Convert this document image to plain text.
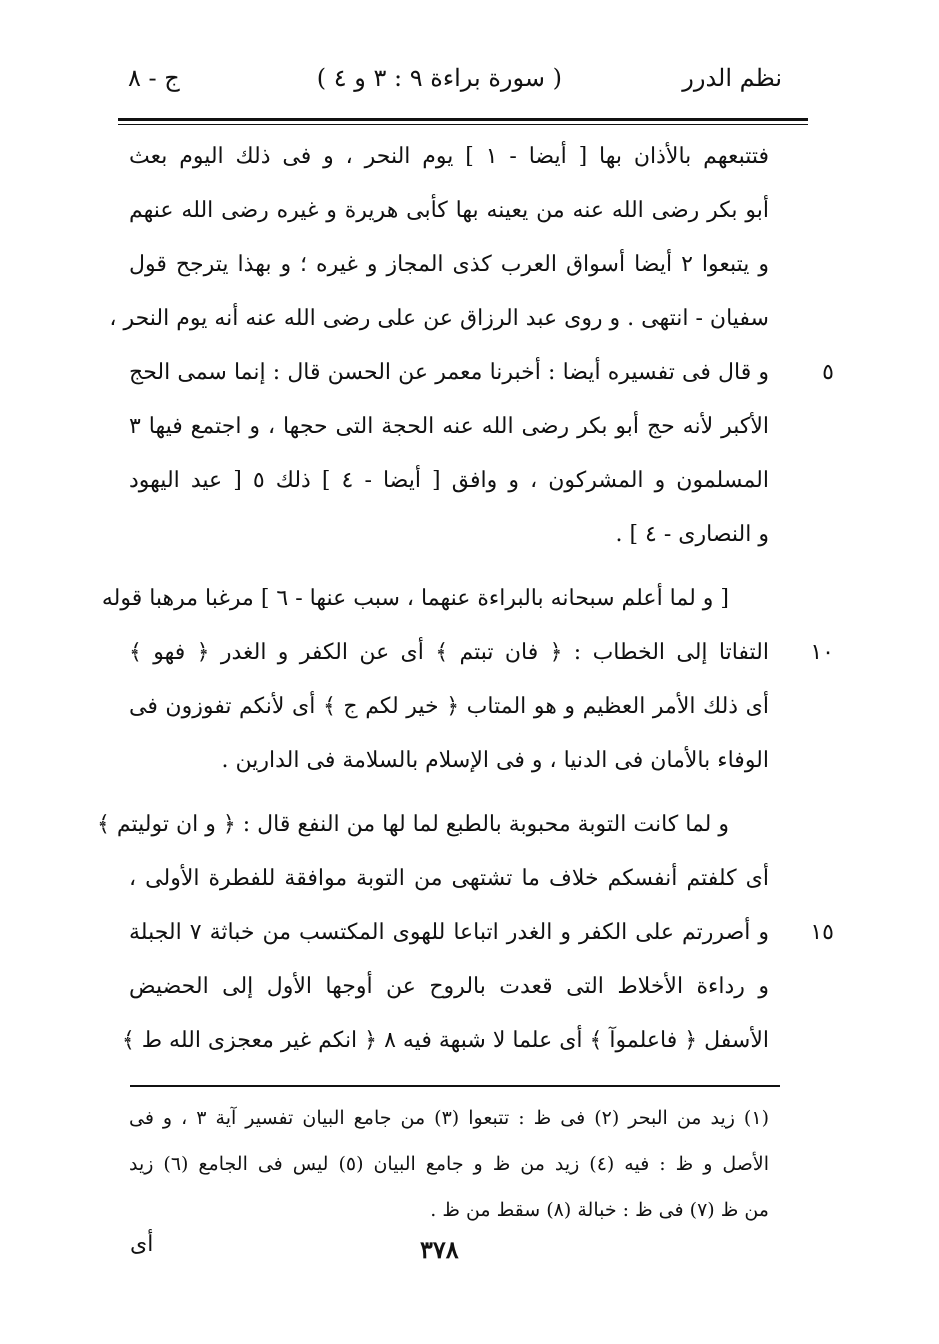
نظم الدرر
( سورة براءة ٩ : ٣ و ٤ )
ج - ٨
فتتبعهم بالأذان بها [ أيضا - ١ ] يوم النحر ، و فى ذلك اليوم بعث
أبو بكر رضى الله عنه من يعينه بها كأبى هريرة و غيره رضى الله عنهم
و يتبعوا ٢ أيضا أسواق العرب كذى المجاز و غيره ؛ و بهذا يترجح قول
سفيان - انتهى . و روى عبد الرزاق عن على رضى الله عنه أنه يوم النحر ،
٥
و قال فى تفسيره أيضا : أخبرنا معمر عن الحسن قال : إنما سمى الحج
الأكبر لأنه حج أبو بكر رضى الله عنه الحجة التى حجها ، و اجتمع فيها ٣
المسلمون و المشركون ، و وافق [ أيضا - ٤ ] ذلك ٥ [ عيد اليهود
و النصارى - ٤ ] .
[ و لما أعلم سبحانه بالبراءة عنهما ، سبب عنها - ٦ ] مرغبا مرهبا قوله
١٠
التفاتا إلى الخطاب : ﴿ فان تبتم ﴾ أى عن الكفر و الغدر ﴿ فهو ﴾
أى ذلك الأمر العظيم و هو المتاب ﴿ خير لكم ج ﴾ أى لأنكم تفوزون فى
الوفاء بالأمان فى الدنيا ، و فى الإسلام بالسلامة فى الدارين .
و لما كانت التوبة محبوبة بالطبع لما لها من النفع قال : ﴿ و ان توليتم ﴾
أى كلفتم أنفسكم خلاف ما تشتهى من التوبة موافقة للفطرة الأولى ،
١٥
و أصررتم على الكفر و الغدر اتباعا للهوى المكتسب من خباثة ٧ الجبلة
و رداءة الأخلاط التى قعدت بالروح عن أوجها الأول إلى الحضيض
الأسفل ﴿ فاعلموآ ﴾ أى علما لا شبهة فيه ٨ ﴿ انكم غير معجزى الله ط ﴾
(١) زيد من البحر (٢) فى ظ : تتبعوا (٣) من جامع البيان تفسير آية ٣ ، و فى
الأصل و ظ : فيه (٤) زيد من ظ و جامع البيان (٥) ليس فى الجامع (٦) زيد
من ظ (٧) فى ظ : خبالة (٨) سقط من ظ .
أى	٣٧٨
